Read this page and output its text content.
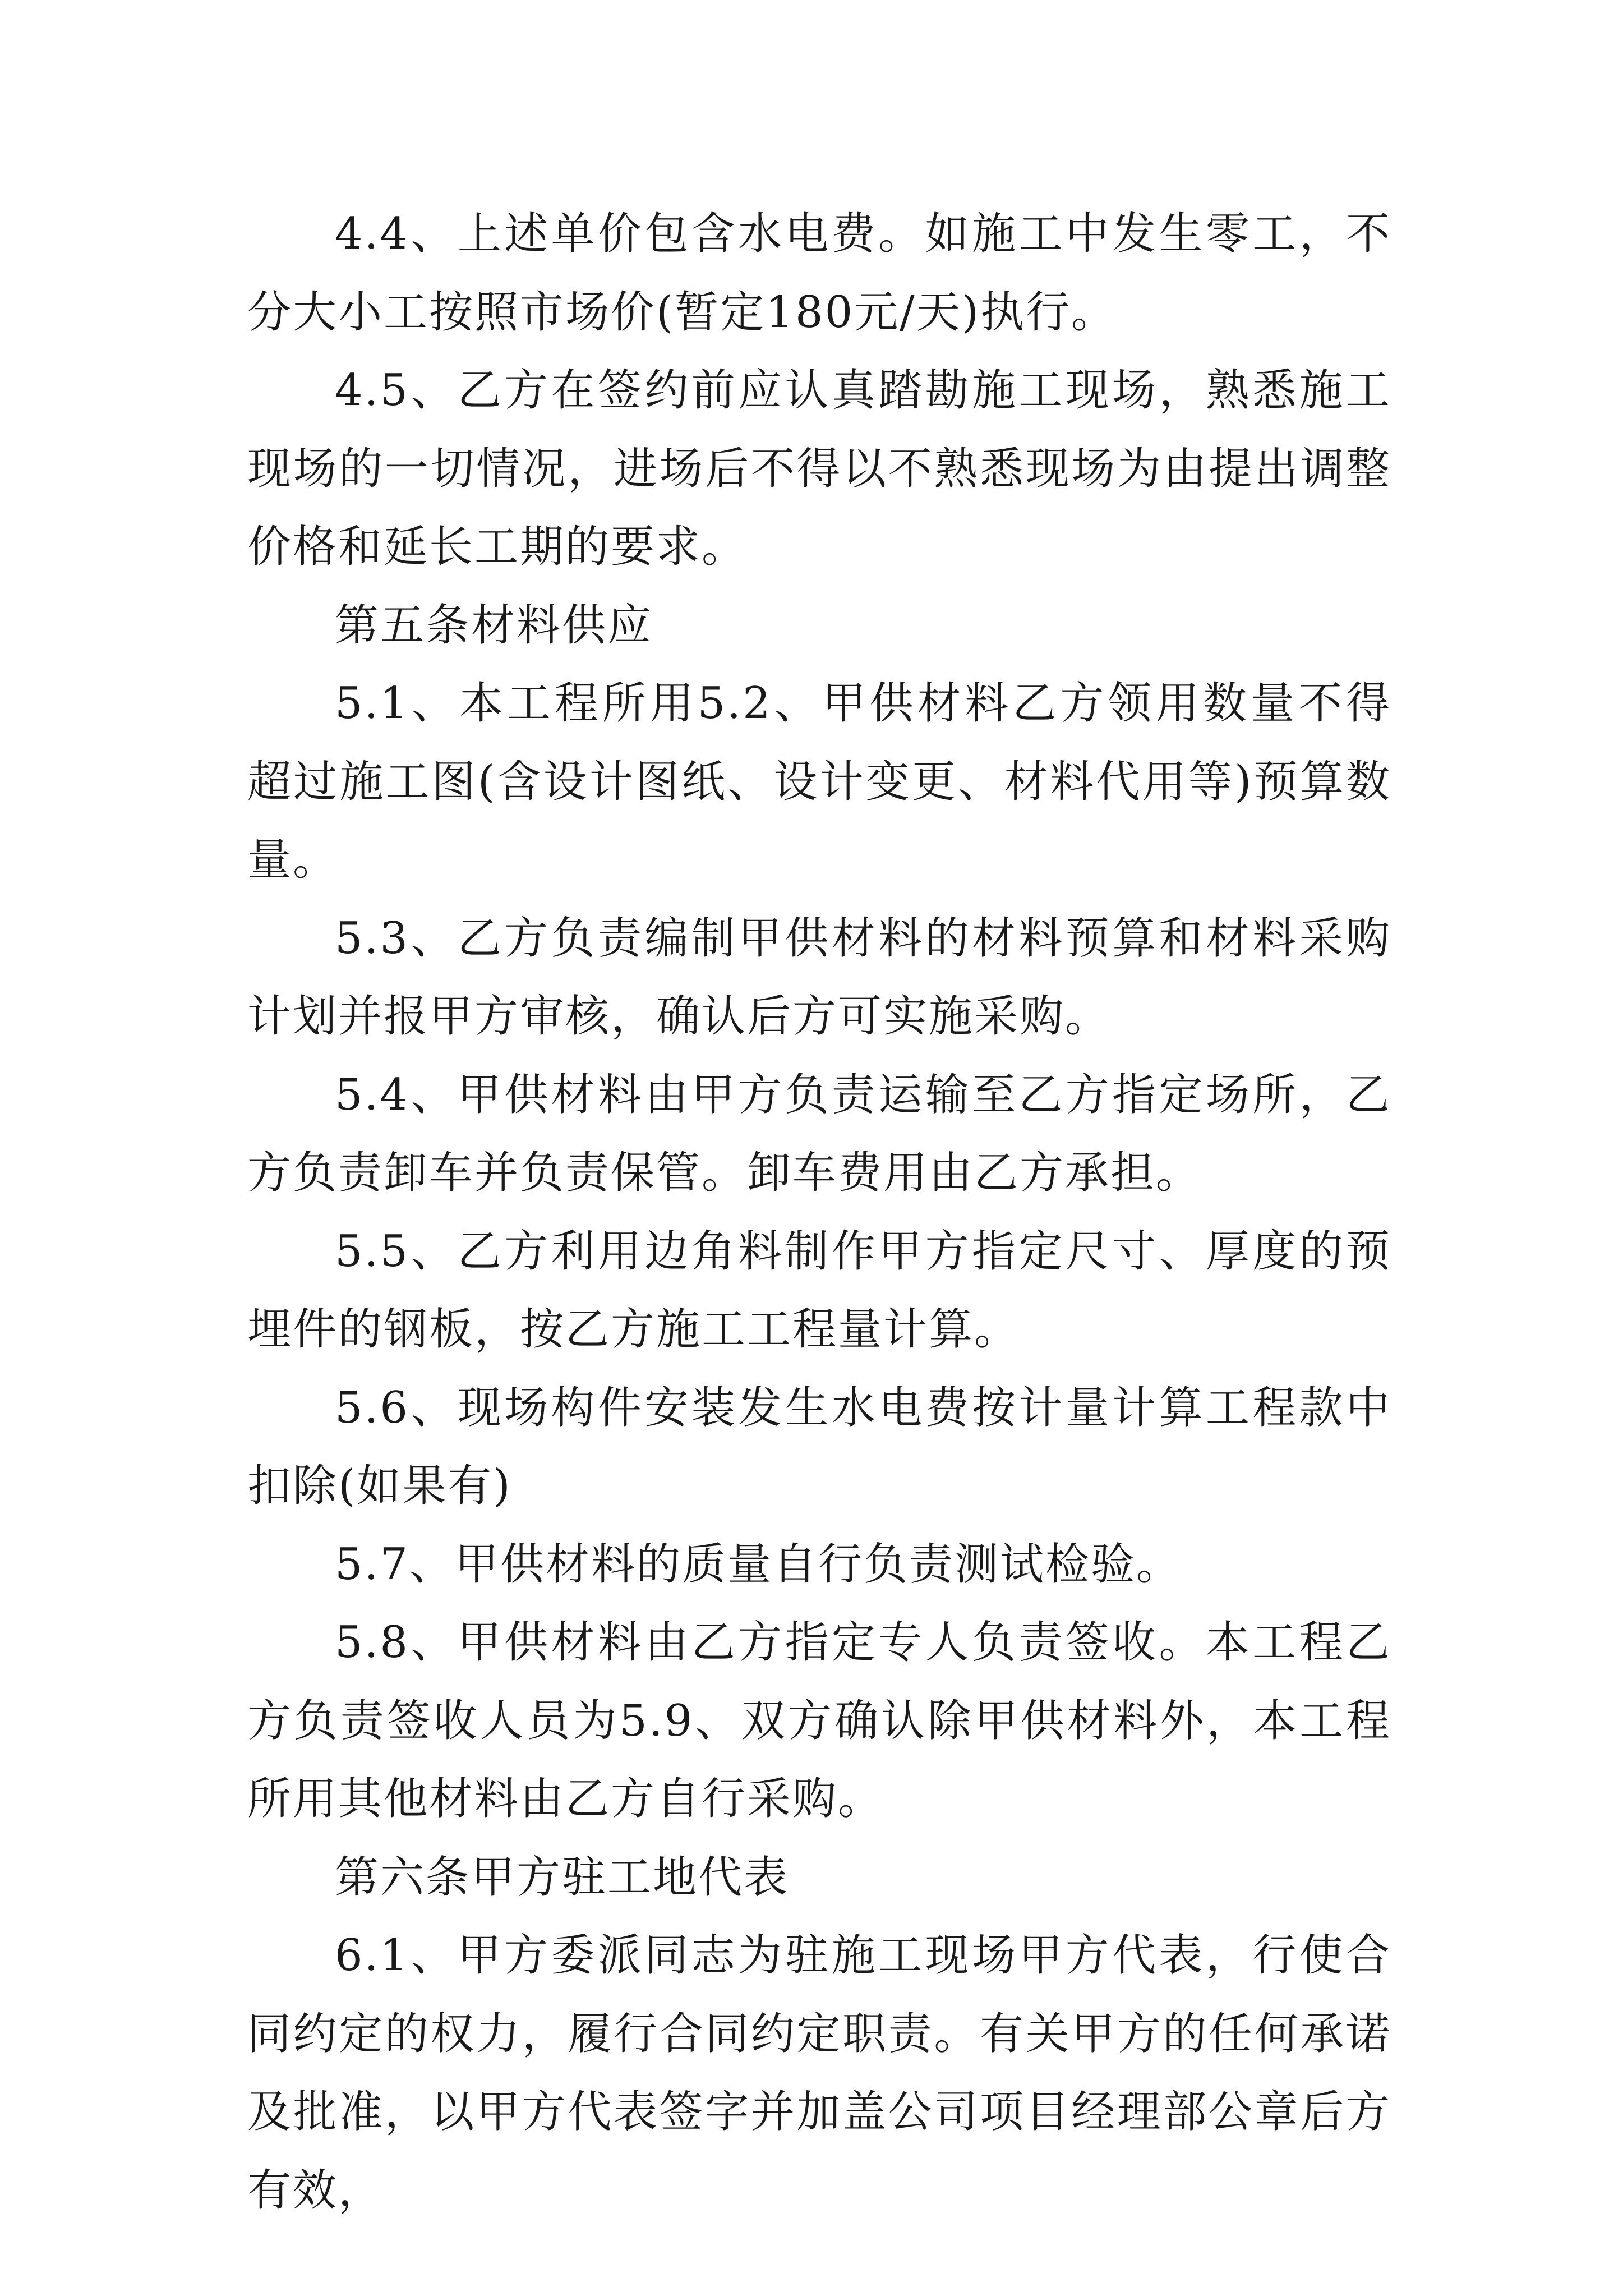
4.4、上述单价包含水电费。如施工中发生零工，不分大小工按照市场价(暂定180元/天)执行。

4.5、乙方在签约前应认真踏勘施工现场，熟悉施工现场的一切情况，进场后不得以不熟悉现场为由提出调整价格和延长工期的要求。

第五条材料供应

5.1、本工程所用5.2、甲供材料乙方领用数量不得超过施工图(含设计图纸、设计变更、材料代用等)预算数量。

5.3、乙方负责编制甲供材料的材料预算和材料采购计划并报甲方审核，确认后方可实施采购。

5.4、甲供材料由甲方负责运输至乙方指定场所，乙方负责卸车并负责保管。卸车费用由乙方承担。

5.5、乙方利用边角料制作甲方指定尺寸、厚度的预埋件的钢板，按乙方施工工程量计算。

5.6、现场构件安装发生水电费按计量计算工程款中扣除(如果有)

5.7、甲供材料的质量自行负责测试检验。

5.8、甲供材料由乙方指定专人负责签收。本工程乙方负责签收人员为5.9、双方确认除甲供材料外，本工程所用其他材料由乙方自行采购。

第六条甲方驻工地代表

6.1、甲方委派同志为驻施工现场甲方代表，行使合同约定的权力，履行合同约定职责。有关甲方的任何承诺及批准，以甲方代表签字并加盖公司项目经理部公章后方有效，
